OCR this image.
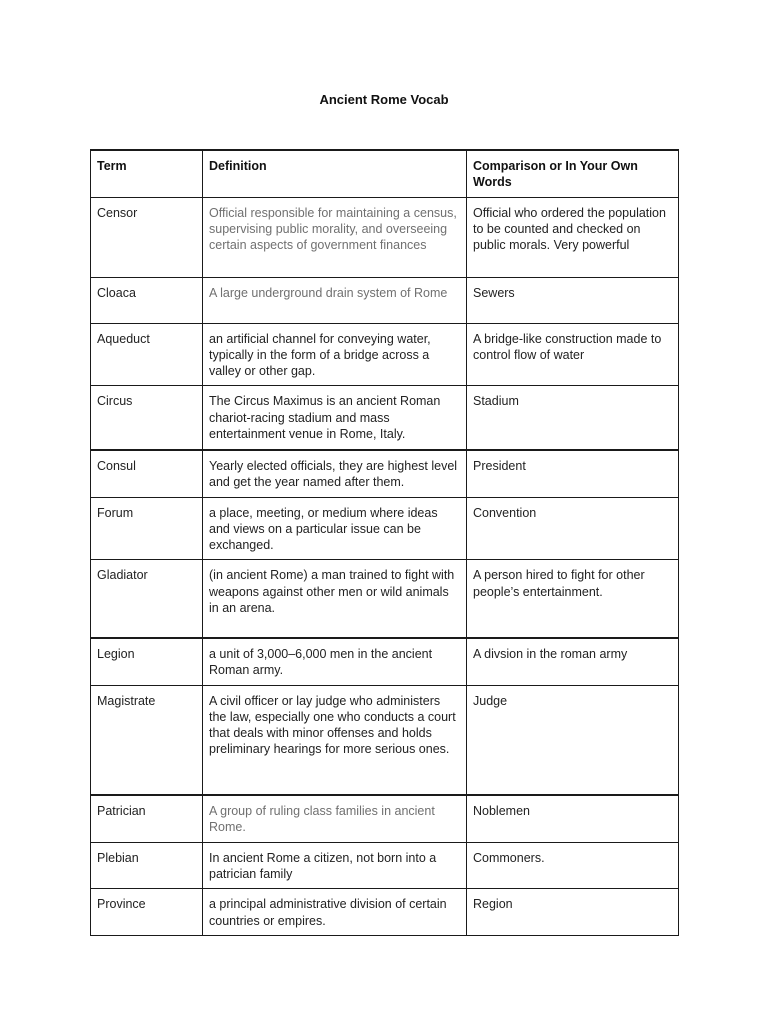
Ancient Rome Vocab
Term	Definition	Comparison or In Your Own Words
Censor	Official responsible for maintaining a census, supervising public morality, and overseeing certain aspects of government finances	Official who ordered the population to be counted and checked on public morals. Very powerful
Cloaca	A large underground drain system of Rome	Sewers
Aqueduct	an artificial channel for conveying water, typically in the form of a bridge across a valley or other gap.	A bridge-like construction made to control flow of water
Circus	The Circus Maximus is an ancient Roman chariot-racing stadium and mass entertainment venue in Rome, Italy.	Stadium
Consul	Yearly elected officials, they are highest level and get the year named after them.	President
Forum	a place, meeting, or medium where ideas and views on a particular issue can be exchanged.	Convention
Gladiator	(in ancient Rome) a man trained to fight with weapons against other men or wild animals in an arena.	A person hired to fight for other people’s entertainment.
Legion	a unit of 3,000–6,000 men in the ancient Roman army.	A divsion in the roman army
Magistrate	A civil officer or lay judge who administers the law, especially one who conducts a court that deals with minor offenses and holds preliminary hearings for more serious ones.	Judge
Patrician	A group of ruling class families in ancient Rome.	Noblemen
Plebian	In ancient Rome a citizen, not born into a patrician family	Commoners.
Province	a principal administrative division of certain countries or empires.	Region
